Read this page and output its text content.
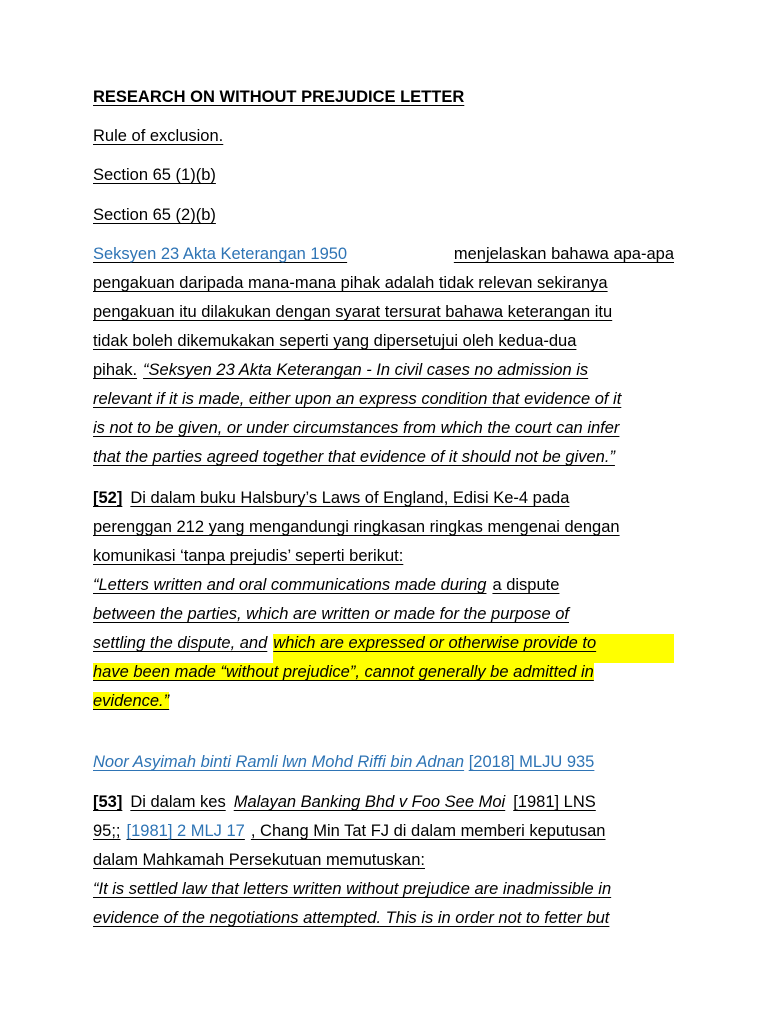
RESEARCH ON WITHOUT PREJUDICE LETTER
Rule of exclusion.
Section 65 (1)(b)
Section 65 (2)(b)
Seksyen 23 Akta Keterangan 1950	menjelaskan bahawa apa-apa
pengakuan daripada mana-mana pihak adalah tidak relevan sekiranya
pengakuan itu dilakukan dengan syarat tersurat bahawa keterangan itu
tidak boleh dikemukakan seperti yang dipersetujui oleh kedua-dua
pihak. “Seksyen 23 Akta Keterangan - In civil cases no admission is
relevant if it is made, either upon an express condition that evidence of it
is not to be given, or under circumstances from which the court can infer
that the parties agreed together that evidence of it should not be given.”
[52] Di dalam buku Halsbury’s Laws of England, Edisi Ke-4 pada
perenggan 212 yang mengandungi ringkasan ringkas mengenai dengan
komunikasi ‘tanpa prejudis’ seperti berikut:
“Letters written and oral communications made during a dispute
between the parties, which are written or made for the purpose of
settling the dispute, and which are expressed or otherwise provide to
have been made “without prejudice”, cannot generally be admitted in
evidence.”
Noor Asyimah binti Ramli lwn Mohd Riffi bin Adnan [2018] MLJU 935
[53] Di dalam kes Malayan Banking Bhd v Foo See Moi [1981] LNS
95;; [1981] 2 MLJ 17 , Chang Min Tat FJ di dalam memberi keputusan
dalam Mahkamah Persekutuan memutuskan:
“It is settled law that letters written without prejudice are inadmissible in
evidence of the negotiations attempted. This is in order not to fetter but
